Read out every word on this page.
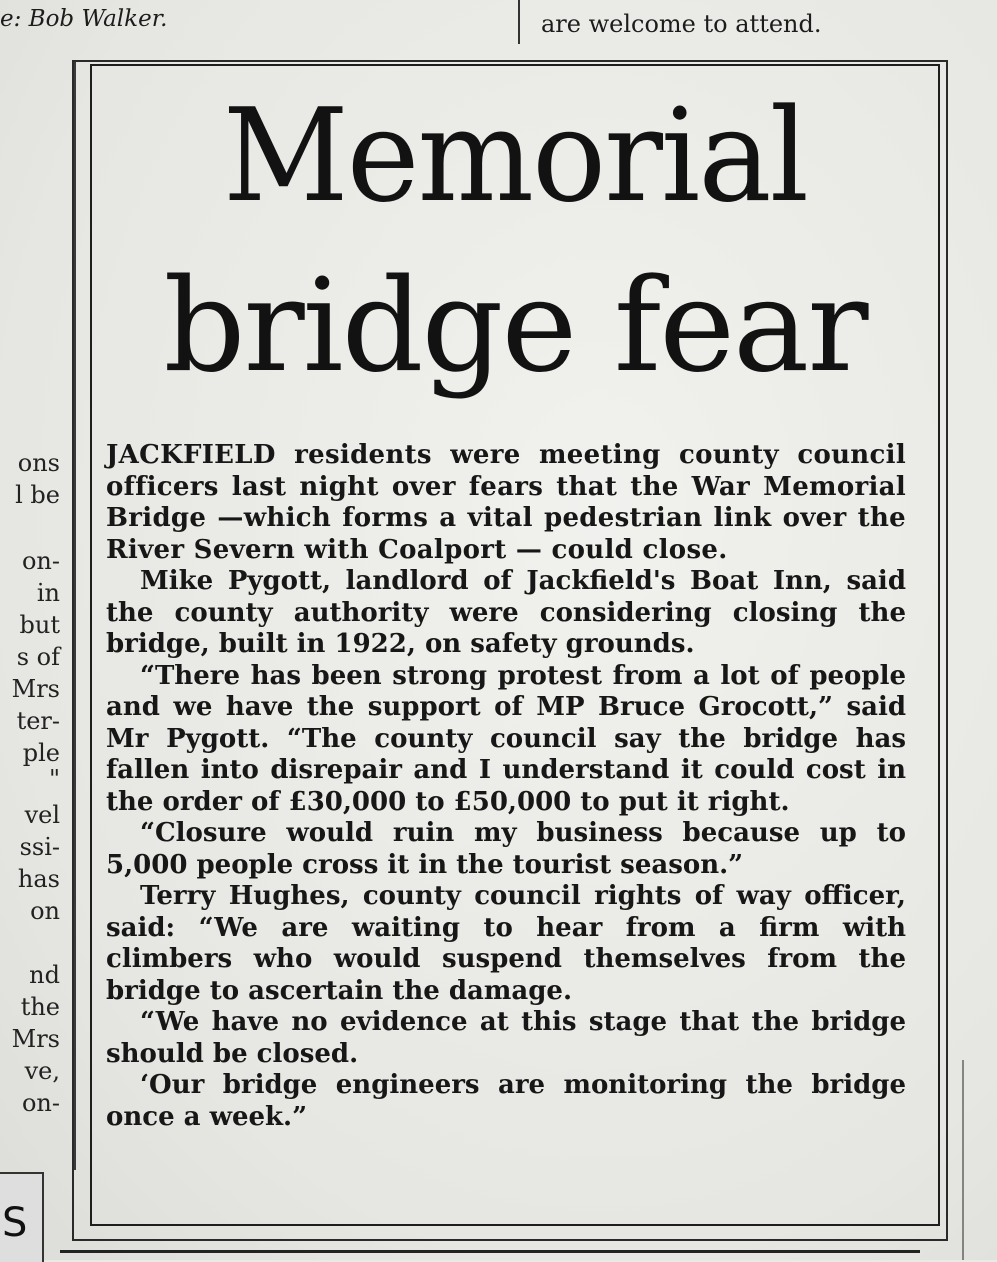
e: Bob Walker.	are welcome to attend.
ons
l be
on-
in
but
s of
Mrs
ter-
ple
"
vel
ssi-
has
on
nd
the
Mrs
ve,
on-
S
Memorial
bridge fear

JACKFIELD residents were meeting county council officers last night over fears that the War Memorial Bridge —which forms a vital pedestrian link over the River Severn with Coalport — could close.

Mike Pygott, landlord of Jackfield's Boat Inn, said the county authority were considering closing the bridge, built in 1922, on safety grounds.

“There has been strong protest from a lot of people and we have the support of MP Bruce Grocott,” said Mr Pygott. “The county council say the bridge has fallen into disrepair and I understand it could cost in the order of £30,000 to £50,000 to put it right.

“Closure would ruin my business because up to 5,000 people cross it in the tourist season.”

Terry Hughes, county council rights of way officer, said: “We are waiting to hear from a firm with climbers who would suspend themselves from the bridge to ascertain the damage.

“We have no evidence at this stage that the bridge should be closed.

‘Our bridge engineers are monitoring the bridge once a week.”
